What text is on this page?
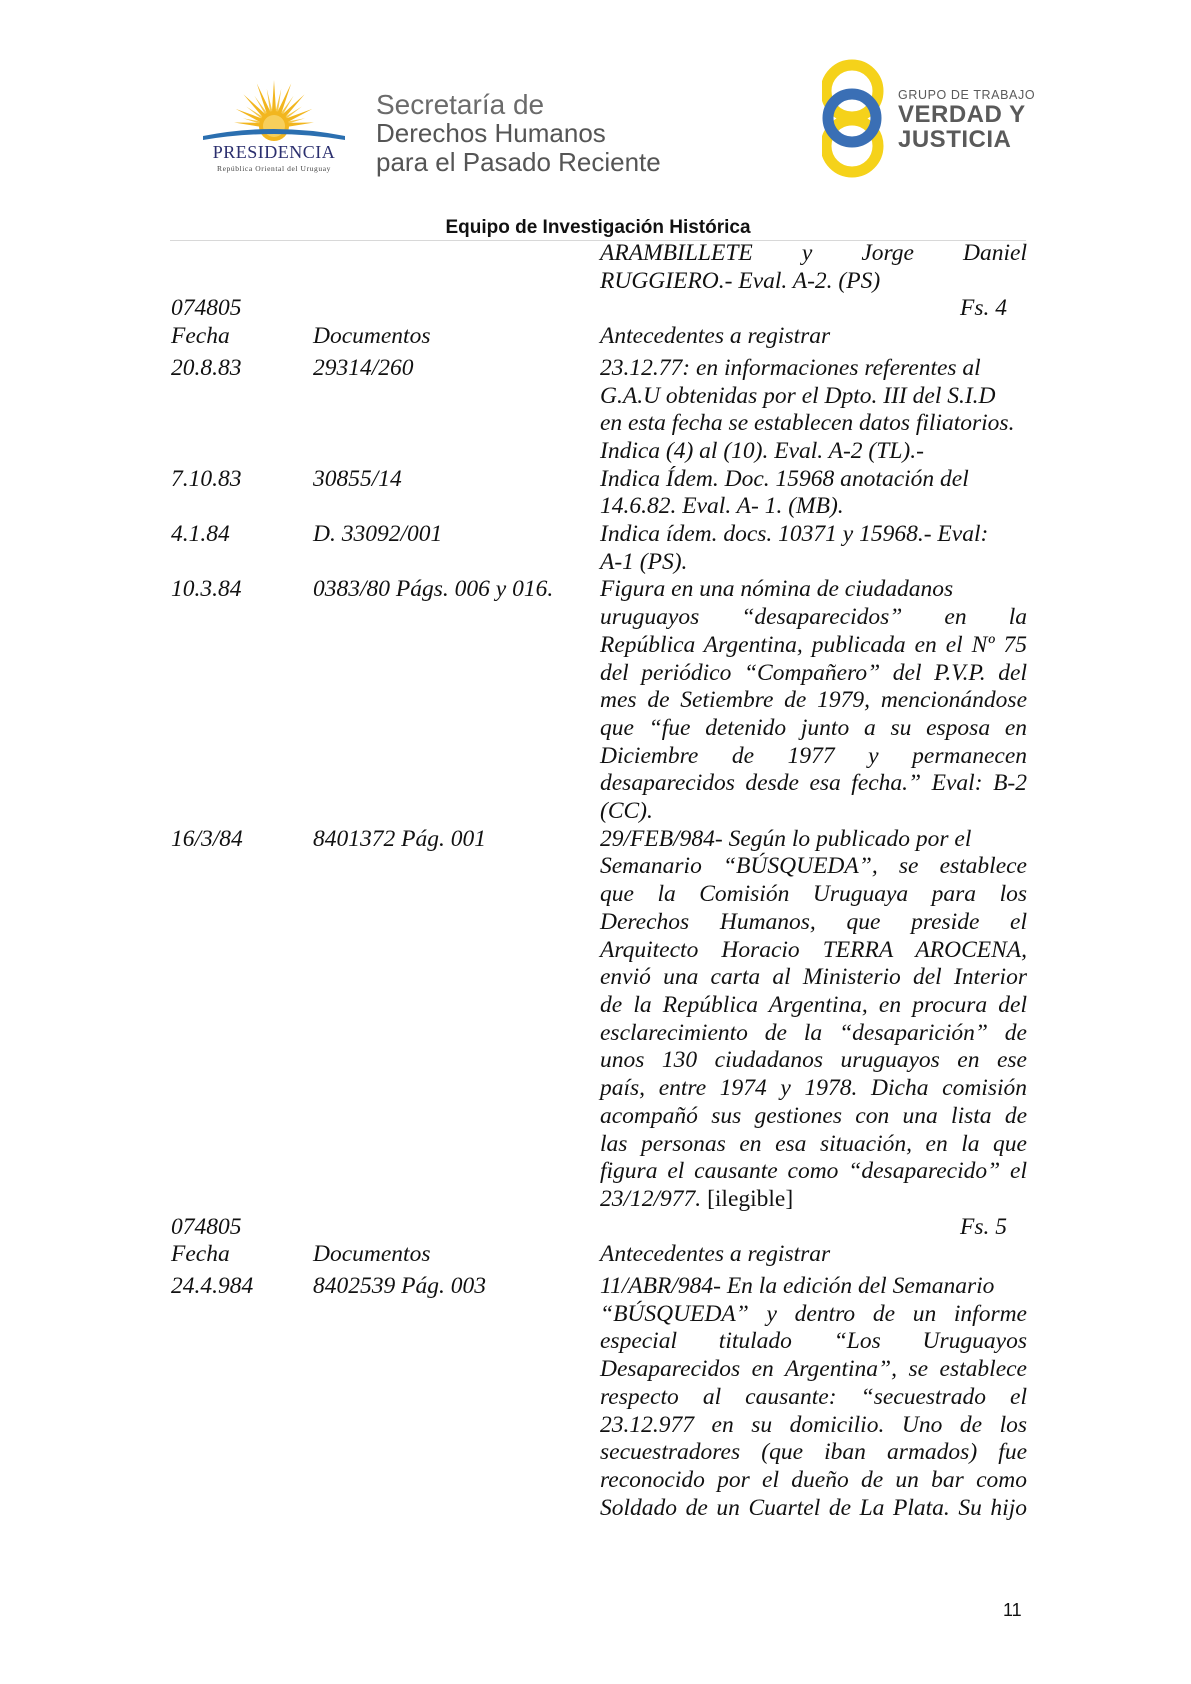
PRESIDENCIA
República Oriental del Uruguay
Secretaría de
Derechos Humanos
para el Pasado Reciente
GRUPO DE TRABAJO
VERDAD Y
JUSTICIA
Equipo de Investigación Histórica
ARAMBILLETE y Jorge Daniel
RUGGIERO.- Eval. A-2. (PS)
074805	Fs. 4
Fecha	Documentos	Antecedentes a registrar
20.8.83	29314/260	23.12.77: en informaciones referentes al
G.A.U obtenidas por el Dpto. III del S.I.D
en esta fecha se establecen datos filiatorios.
Indica (4) al (10). Eval. A-2 (TL).-
7.10.83	30855/14	Indica Ídem. Doc. 15968 anotación del
14.6.82. Eval. A- 1. (MB).
4.1.84	D. 33092/001	Indica ídem. docs. 10371 y 15968.- Eval:
A-1 (PS).
10.3.84	0383/80 Págs. 006 y 016.	Figura en una nómina de ciudadanos
uruguayos “desaparecidos” en la
República Argentina, publicada en el Nº 75
del periódico “Compañero” del P.V.P. del
mes de Setiembre de 1979, mencionándose
que “fue detenido junto a su esposa en
Diciembre de 1977 y permanecen
desaparecidos desde esa fecha.” Eval: B-2
(CC).
16/3/84	8401372 Pág. 001	29/FEB/984- Según lo publicado por el
Semanario “BÚSQUEDA”, se establece
que la Comisión Uruguaya para los
Derechos Humanos, que preside el
Arquitecto Horacio TERRA AROCENA,
envió una carta al Ministerio del Interior
de la República Argentina, en procura del
esclarecimiento de la “desaparición” de
unos 130 ciudadanos uruguayos en ese
país, entre 1974 y 1978. Dicha comisión
acompañó sus gestiones con una lista de
las personas en esa situación, en la que
figura el causante como “desaparecido” el
23/12/977. [ilegible]
074805	Fs. 5
Fecha	Documentos	Antecedentes a registrar
24.4.984	8402539 Pág. 003	11/ABR/984- En la edición del Semanario
“BÚSQUEDA” y dentro de un informe
especial titulado “Los Uruguayos
Desaparecidos en Argentina”, se establece
respecto al causante: “secuestrado el
23.12.977 en su domicilio. Uno de los
secuestradores (que iban armados) fue
reconocido por el dueño de un bar como
Soldado de un Cuartel de La Plata. Su hijo
11
